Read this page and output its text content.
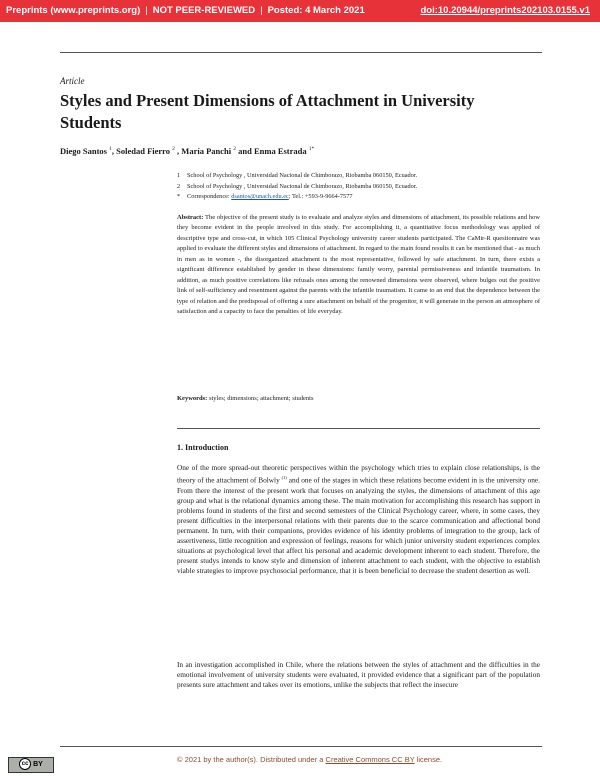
Preprints (www.preprints.org) | NOT PEER-REVIEWED | Posted: 4 March 2021	doi:10.20944/preprints202103.0155.v1
Article
Styles and Present Dimensions of Attachment in University Students
Diego Santos $^1$, Soledad Fierro $^2$ , María Panchi $^2$ and Enma Estrada $^{1*}$
1 School of Psychology , Universidad Nacional de Chimborazo, Riobamba 060150, Ecuador.
2 School of Psychology , Universidad Nacional de Chimborazo, Riobamba 060150, Ecuador.
* Correspondence: dsantos@unach.edu.ec; Tel.: +593-9-9664-7577
Abstract: The objective of the present study is to evaluate and analyze styles and dimensions of attachment, its possible relations and how they become evident in the people involved in this study. For accomplishing it, a quantitative focus methodology was applied of descriptive type and cross-cut, in which 105 Clinical Psychology university career students participated. The CaMir-R questionnaire was applied to evaluate the different styles and dimensions of attachment. In regard to the main found results it can be mentioned that - as much in men as in women -, the disorganized attachment is the most representative, followed by safe attachment. In turn, there exists a significant difference established by gender in these dimensions: family worry, parental permissiveness and infantile traumatism. In addition, as much positive correlations like refusals ones among the renowned dimensions were observed, where bulges out the positive link of self-sufficiency and resentment against the parents with the infantile traumatism. It came to an end that the dependence between the type of relation and the predisposal of offering a sure attachment on behalf of the progenitor, it will generate in the person an atmosphere of satisfaction and a capacity to face the penalties of life everyday.
Keywords: styles; dimensions; attachment; students
1. Introduction
One of the more spread-out theoretic perspectives within the psychology which tries to explain close relationships, is the theory of the attachment of Bolwly $^{(1)}$ and one of the stages in which these relations become evident in is the university one. From there the interest of the present work that focuses on analyzing the styles, the dimensions of attachment of this age group and what is the relational dynamics among these. The main motivation for accomplishing this research has support in problems found in students of the first and second semesters of the Clinical Psychology career, where, in some cases, they present difficulties in the interpersonal relations with their parents due to the scarce communication and affectional bond permanent. In turn, with their companions, provides evidence of his identity problems of integration to the group, lack of assertiveness, little recognition and expression of feelings, reasons for which junior university student experiences complex situations at psychological level that affect his personal and academic development inherent to each student. Therefore, the present studys intends to know style and dimension of inherent attachment to each student, with the objective to establish viable strategies to improve psychosocial performance, that it is been beneficial to decrease the student desertion as well.
In an investigation accomplished in Chile, where the relations between the styles of attachment and the difficulties in the emotional involvement of university students were evaluated, it provided evidence that a significant part of the population presents sure attachment and takes over its emotions, unlike the subjects that reflect the insecure
cc BY
© 2021 by the author(s). Distributed under a Creative Commons CC BY license.
